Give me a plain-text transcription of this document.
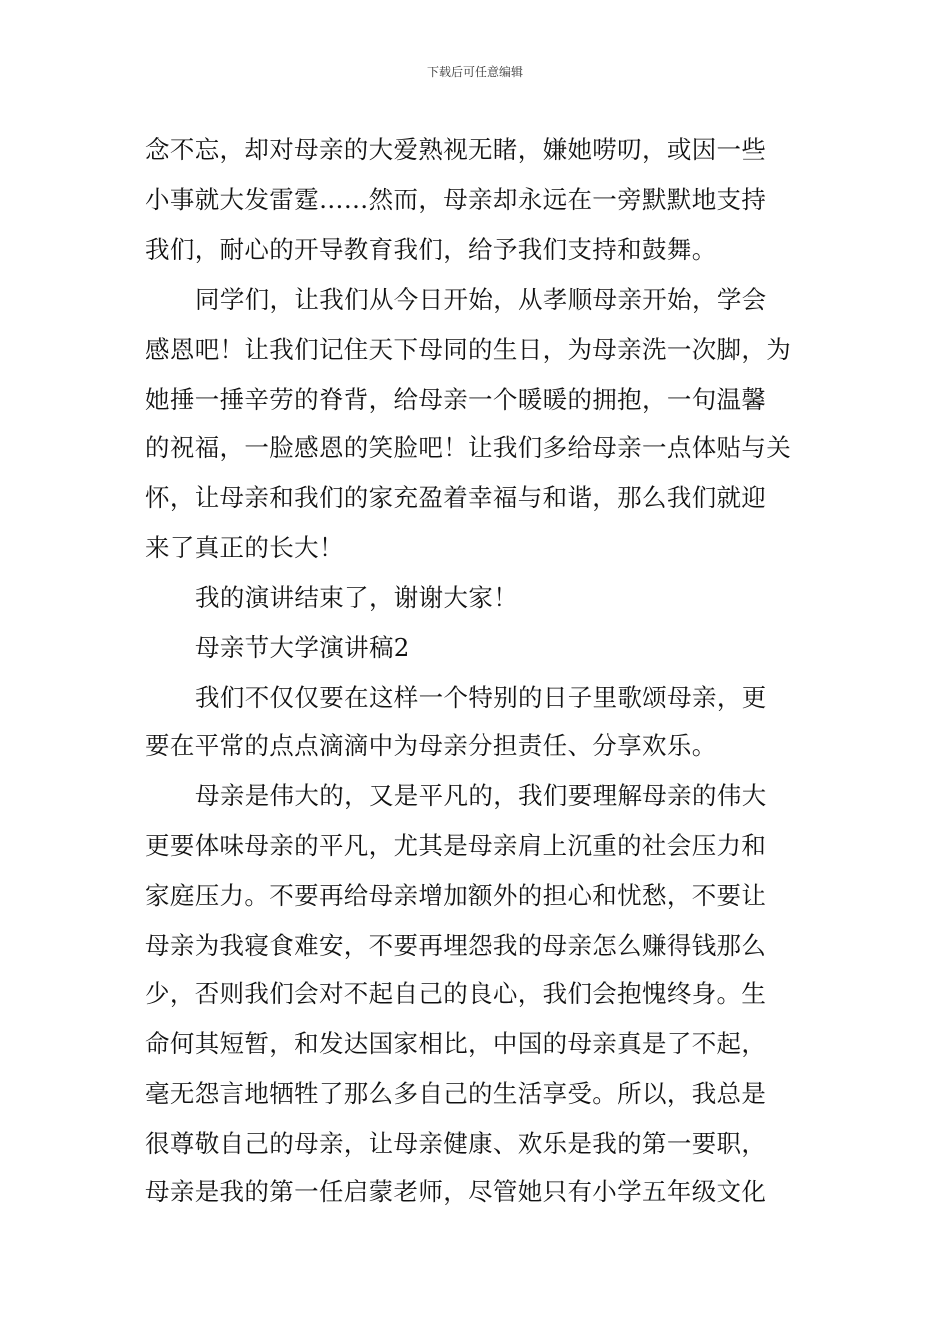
下载后可任意编辑
念不忘，却对母亲的大爱熟视无睹，嫌她唠叨，或因一些
小事就大发雷霆……然而，母亲却永远在一旁默默地支持
我们，耐心的开导教育我们，给予我们支持和鼓舞。
同学们，让我们从今日开始，从孝顺母亲开始，学会
感恩吧！让我们记住天下母同的生日，为母亲洗一次脚，为
她捶一捶辛劳的脊背，给母亲一个暖暖的拥抱，一句温馨
的祝福，一脸感恩的笑脸吧！让我们多给母亲一点体贴与关
怀，让母亲和我们的家充盈着幸福与和谐，那么我们就迎
来了真正的长大！
我的演讲结束了，谢谢大家！
母亲节大学演讲稿2
我们不仅仅要在这样一个特别的日子里歌颂母亲，更
要在平常的点点滴滴中为母亲分担责任、分享欢乐。
母亲是伟大的，又是平凡的，我们要理解母亲的伟大
更要体味母亲的平凡，尤其是母亲肩上沉重的社会压力和
家庭压力。不要再给母亲增加额外的担心和忧愁，不要让
母亲为我寝食难安，不要再埋怨我的母亲怎么赚得钱那么
少，否则我们会对不起自己的良心，我们会抱愧终身。生
命何其短暂，和发达国家相比，中国的母亲真是了不起，
毫无怨言地牺牲了那么多自己的生活享受。所以，我总是
很尊敬自己的母亲，让母亲健康、欢乐是我的第一要职，
母亲是我的第一任启蒙老师，尽管她只有小学五年级文化
